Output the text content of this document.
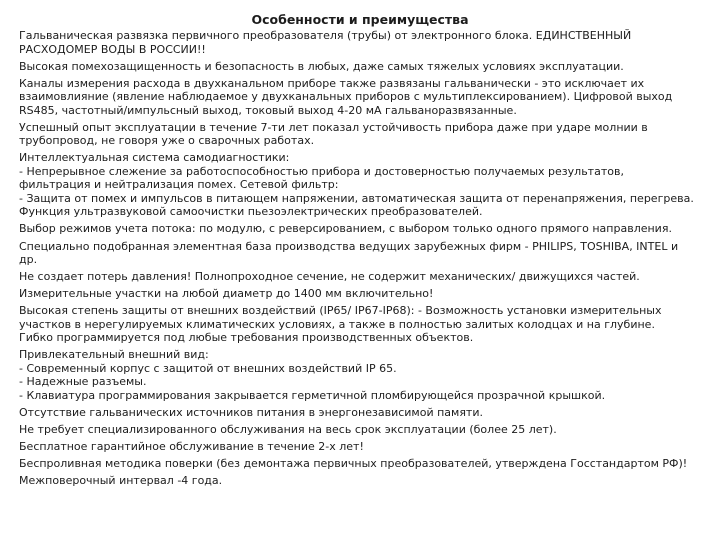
Особенности и преимущества
Гальваническая развязка первичного преобразователя (трубы) от электронного блока. ЕДИНСТВЕННЫЙ
РАСХОДОМЕР ВОДЫ В РОССИИ!!
Высокая помехозащищенность и безопасность в любых, даже самых тяжелых условиях эксплуатации.
Каналы измерения расхода в двухканальном приборе также развязаны гальванически - это исключает их
взаимовлияние (явление наблюдаемое у двухканальных приборов с мультиплексированием). Цифровой выход
RS485, частотный/импульсный выход, токовый выход 4-20 мА гальваноразвязанные.
Успешный опыт эксплуатации в течение 7-ти лет показал устойчивость прибора даже при ударе молнии в
трубопровод, не говоря уже о сварочных работах.
Интеллектуальная система самодиагностики:
- Непрерывное слежение за работоспособностью прибора и достоверностью получаемых результатов,
фильтрация и нейтрализация помех. Сетевой фильтр:
- Защита от помех и импульсов в питающем напряжении, автоматическая защита от перенапряжения, перегрева.
Функция ультразвуковой самоочистки пьезоэлектрических преобразователей.
Выбор режимов учета потока: по модулю, с реверсированием, с выбором только одного прямого направления.
Специально подобранная элементная база производства ведущих зарубежных фирм - PHILIPS, TOSHIBA, INTEL и
др.
Не создает потерь давления! Полнопроходное сечение, не содержит механических/ движущихся частей.
Измерительные участки на любой диаметр до 1400 мм включительно!
Высокая степень защиты от внешних воздействий (IP65/ IP67-IP68): - Возможность установки измерительных
участков в нерегулируемых климатических условиях, а также в полностью залитых колодцах и на глубине.
Гибко программируется под любые требования производственных объектов.
Привлекательный внешний вид:
- Современный корпус с защитой от внешних воздействий IP 65.
- Надежные разъемы.
- Клавиатура программирования закрывается герметичной пломбирующейся прозрачной крышкой.
Отсутствие гальванических источников питания в энергонезависимой памяти.
Не требует специализированного обслуживания на весь срок эксплуатации (более 25 лет).
Бесплатное гарантийное обслуживание в течение 2-х лет!
Беспроливная методика поверки (без демонтажа первичных преобразователей, утверждена Госстандартом РФ)!
Межповерочный интервал -4 года.
